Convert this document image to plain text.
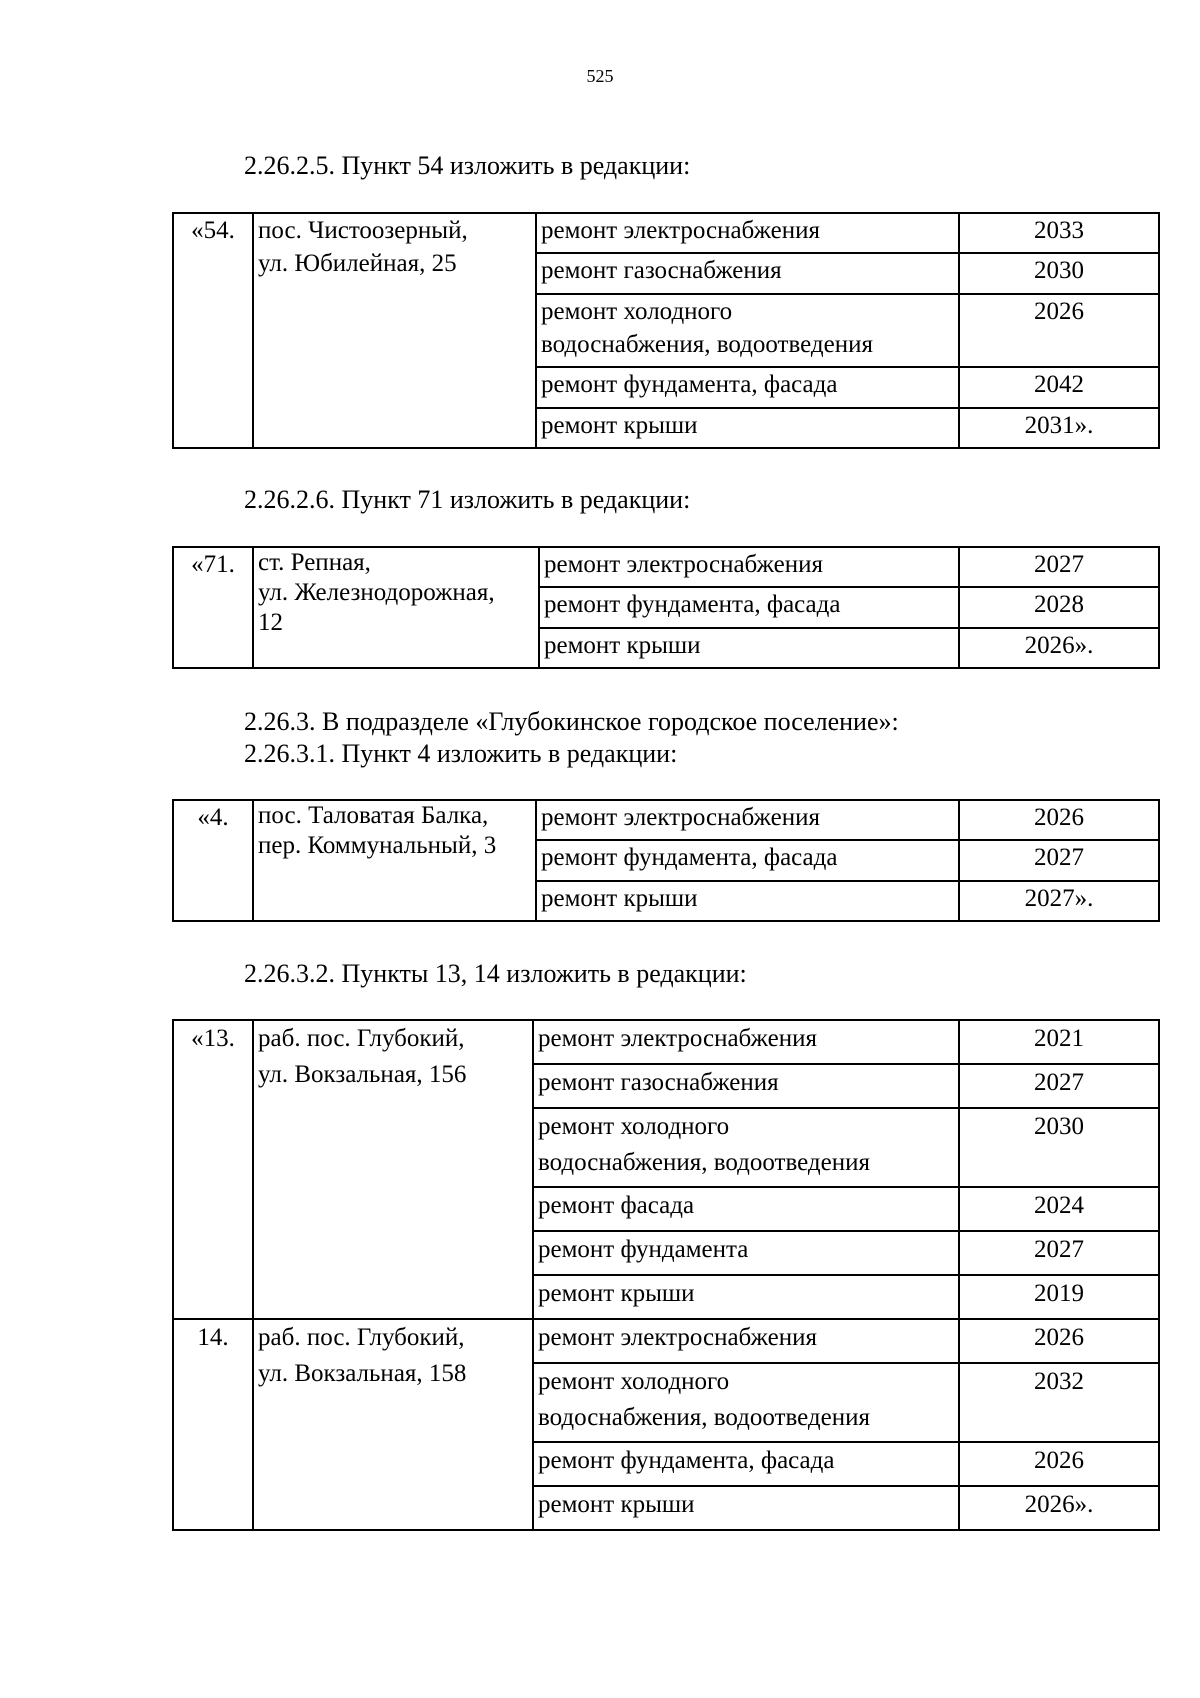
525
2.26.2.5. Пункт 54 изложить в редакции:
«54.	пос. Чистоозерный,
ул. Юбилейная, 25	ремонт электроснабжения	2033
		ремонт газоснабжения	2030

		ремонт холодного
водоснабжения, водоотведения	2026
		ремонт фундамента, фасада	2042
		ремонт крыши	2031».
2.26.2.6. Пункт 71 изложить в редакции:
«71.	ст. Репная,
ул. Железнодорожная,
12	ремонт электроснабжения	2027
		ремонт фундамента, фасада	2028
		ремонт крыши	2026».
2.26.3. В подразделе «Глубокинское городское поселение»:
2.26.3.1. Пункт 4 изложить в редакции:
«4.	пос. Таловатая Балка,
пер. Коммунальный, 3	ремонт электроснабжения	2026
		ремонт фундамента, фасада	2027
		ремонт крыши	2027».
2.26.3.2. Пункты 13, 14 изложить в редакции:
«13.	раб. пос. Глубокий,
ул. Вокзальная, 156	ремонт электроснабжения	2021
		ремонт газоснабжения	2027

		ремонт холодного
водоснабжения, водоотведения	2030
		ремонт фасада	2024
		ремонт фундамента	2027
		ремонт крыши	2019
14.	раб. пос. Глубокий,
ул. Вокзальная, 158	ремонт электроснабжения	2026

		ремонт холодного
водоснабжения, водоотведения	2032
		ремонт фундамента, фасада	2026
		ремонт крыши	2026».
